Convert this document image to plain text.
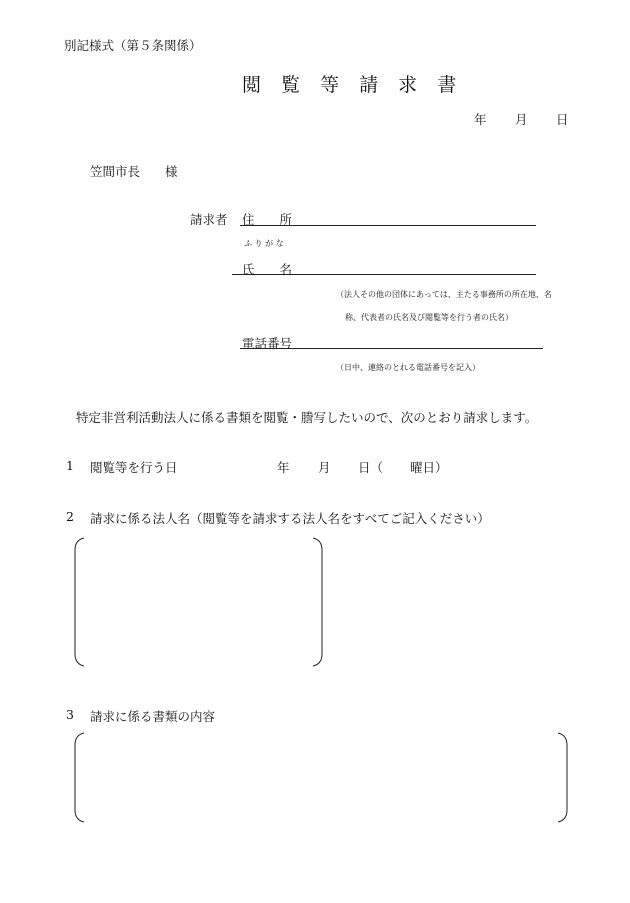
別記様式（第５条関係）
閲 覧 等 請 求 書
年 月 日
笠間市長　　様
請求者 住　　所
ふ り が な
氏　　名
（法人その他の団体にあっては、主たる事務所の所在地、名
称、代表者の氏名及び閲覧等を行う者の氏名）
電話番号
（日中、連絡のとれる電話番号を記入）
特定非営利活動法人に係る書類を閲覧・謄写したいので、次のとおり請求します。
1 閲覧等を行う日	年 月 日（ 曜日）
2 請求に係る法人名（閲覧等を請求する法人名をすべてご記入ください）
3 請求に係る書類の内容
